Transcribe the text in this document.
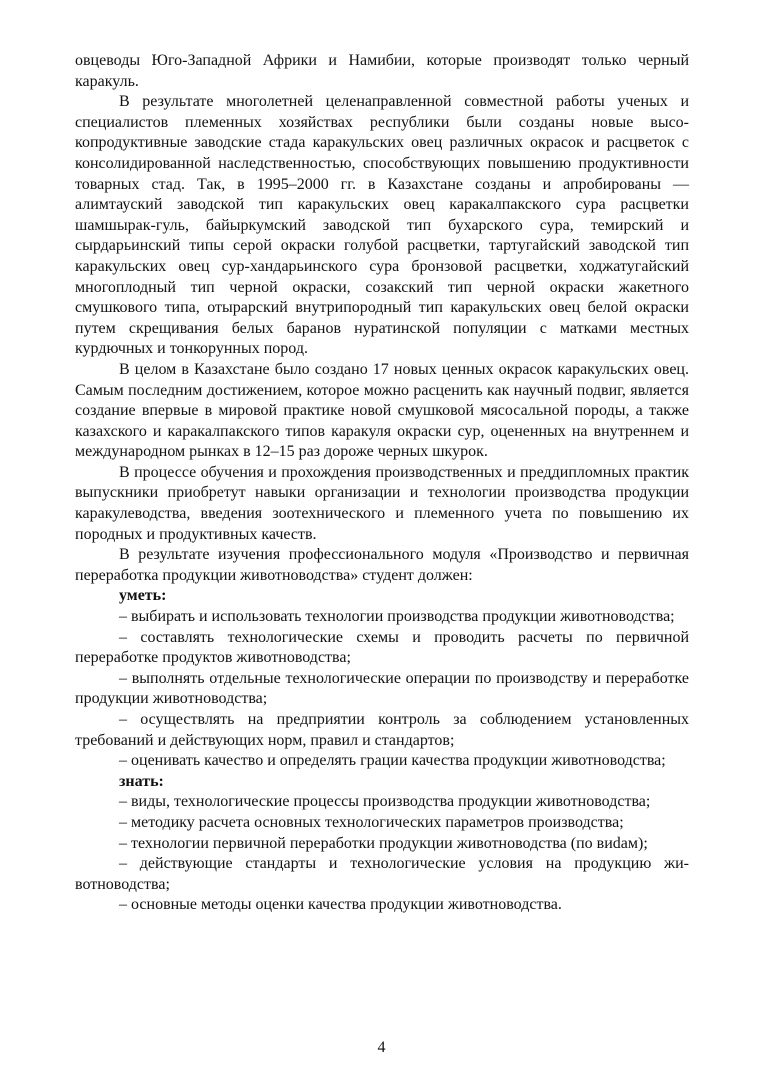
овцеводы Юго-Западной Африки и Намибии, которые производят только черный каракуль.

В результате многолетней целенаправленной совместной работы ученых и специалистов племенных хозяйствах республики были созданы новые высокопродуктивные заводские стада каракульских овец различных окрасок и расцветок с консолидированной наследственностью, способствующих повышению продуктивности товарных стад. Так, в 1995–2000 гг. в Казахстане созданы и апробированы — алимтауский заводской тип каракульских овец каракалпакского сура расцветки шамшырак-гуль, байыркумский заводской тип бухарского сура, темирский и сырдарьинский типы серой окраски голубой расцветки, тартугайский заводской тип каракульских овец сур-хандарьинского сура бронзовой расцветки, ходжатугайский многоплодный тип черной окраски, созакский тип черной окраски жакетного смушкового типа, отырарский внутрипородный тип каракульских овец белой окраски путем скрещивания белых баранов нуратинской популяции с матками местных курдючных и тонкорунных пород.

В целом в Казахстане было создано 17 новых ценных окрасок каракульских овец. Самым последним достижением, которое можно расценить как научный подвиг, является создание впервые в мировой практике новой смушковой мясосальной породы, а также казахского и каракалпакского типов каракуля окраски сур, оцененных на внутреннем и международном рынках в 12–15 раз дороже черных шкурок.

В процессе обучения и прохождения производственных и преддипломных практик выпускники приобретут навыки организации и технологии производства продукции каракулеводства, введения зоотехнического и племенного учета по повышению их породных и продуктивных качеств.

В результате изучения профессионального модуля «Производство и первичная переработка продукции животноводства» студент должен:

уметь:

– выбирать и использовать технологии производства продукции животноводства;

– составлять технологические схемы и проводить расчеты по первичной переработке продуктов животноводства;

– выполнять отдельные технологические операции по производству и переработке продукции животноводства;

– осуществлять на предприятии контроль за соблюдением установленных требований и действующих норм, правил и стандартов;

– оценивать качество и определять грации качества продукции животноводства;

знать:

– виды, технологические процессы производства продукции животноводства;

– методику расчета основных технологических параметров производства;

– технологии первичной переработки продукции животноводства (по виdам);

– действующие стандарты и технологические условия на продукцию животноводства;

– основные методы оценки качества продукции животноводства.

4
